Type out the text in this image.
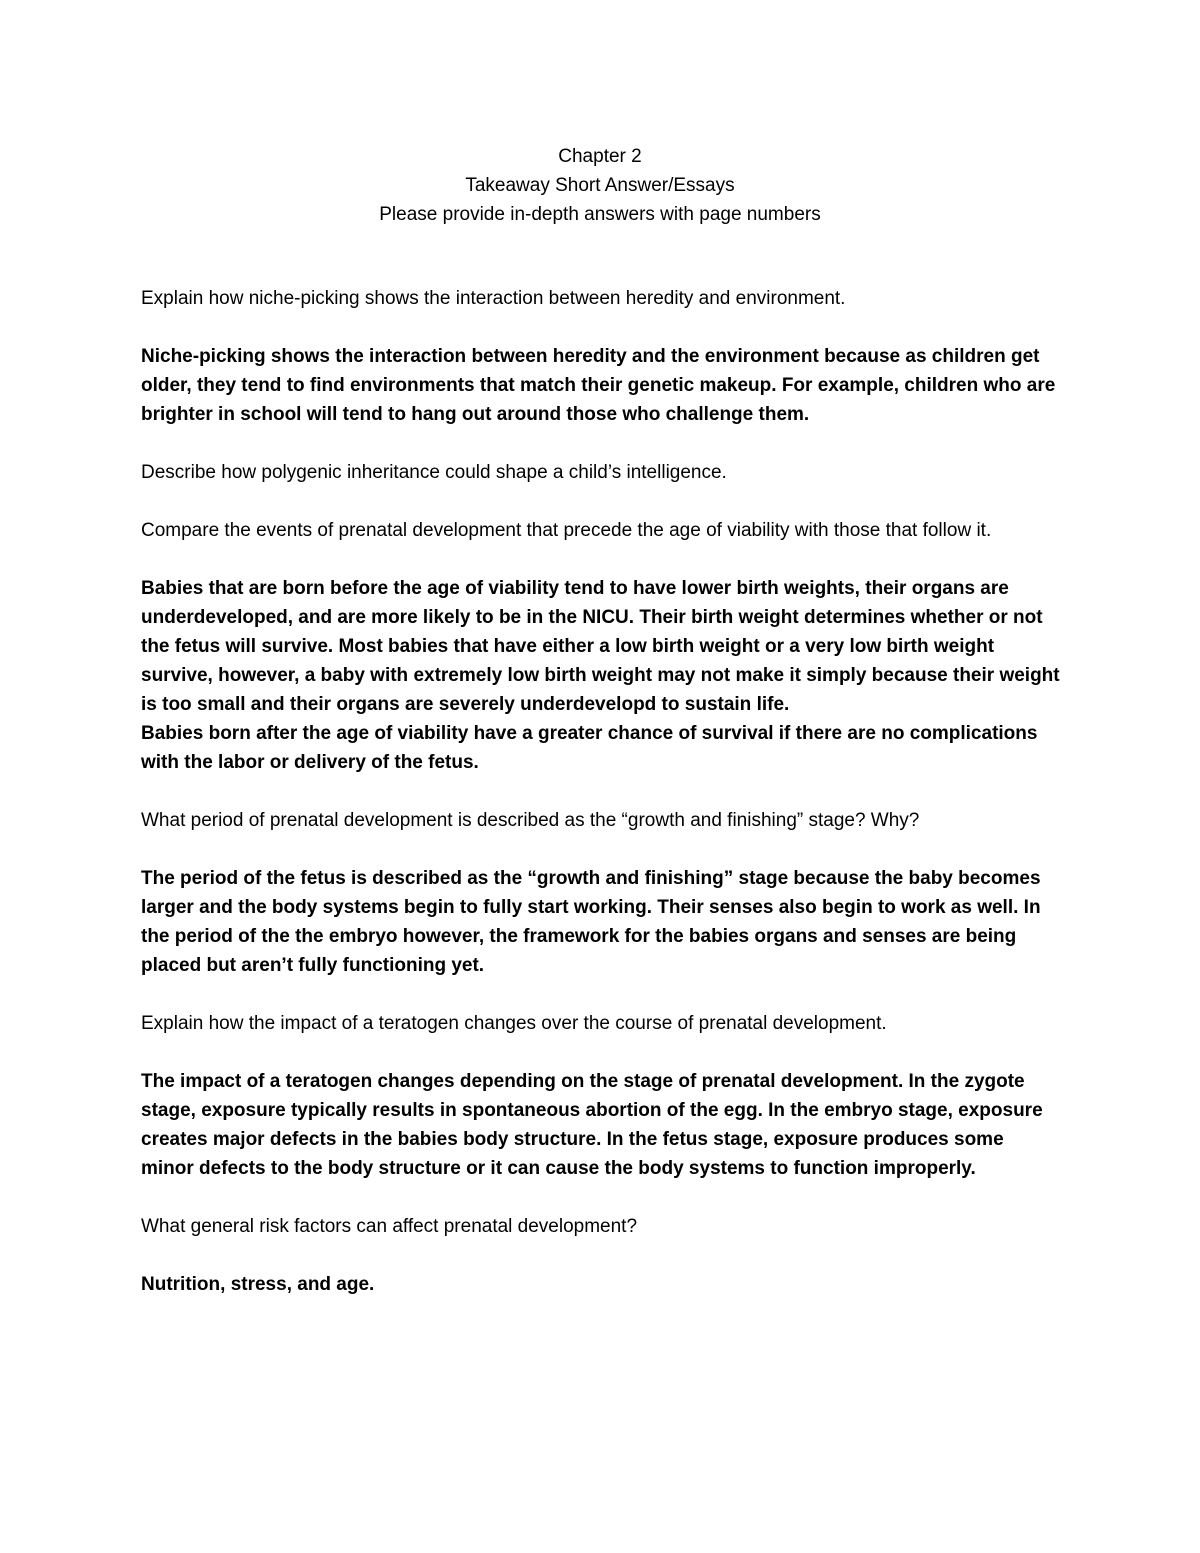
Chapter 2
Takeaway Short Answer/Essays
Please provide in-depth answers with page numbers

Explain how niche-picking shows the interaction between heredity and environment.

Niche-picking shows the interaction between heredity and the environment because as children get older, they tend to find environments that match their genetic makeup. For example, children who are brighter in school will tend to hang out around those who challenge them.

Describe how polygenic inheritance could shape a child’s intelligence.

Compare the events of prenatal development that precede the age of viability with those that follow it.

Babies that are born before the age of viability tend to have lower birth weights, their organs are underdeveloped, and are more likely to be in the NICU. Their birth weight determines whether or not the fetus will survive. Most babies that have either a low birth weight or a very low birth weight survive, however, a baby with extremely low birth weight may not make it simply because their weight is too small and their organs are severely underdevelopd to sustain life.

Babies born after the age of viability have a greater chance of survival if there are no complications with the labor or delivery of the fetus.

What period of prenatal development is described as the “growth and finishing” stage? Why?

The period of the fetus is described as the “growth and finishing” stage because the baby becomes larger and the body systems begin to fully start working. Their senses also begin to work as well. In the period of the the embryo however, the framework for the babies organs and senses are being placed but aren’t fully functioning yet.

Explain how the impact of a teratogen changes over the course of prenatal development.

The impact of a teratogen changes depending on the stage of prenatal development. In the zygote stage, exposure typically results in spontaneous abortion of the egg. In the embryo stage, exposure creates major defects in the babies body structure. In the fetus stage, exposure produces some minor defects to the body structure or it can cause the body systems to function improperly.

What general risk factors can affect prenatal development?

Nutrition, stress, and age.
